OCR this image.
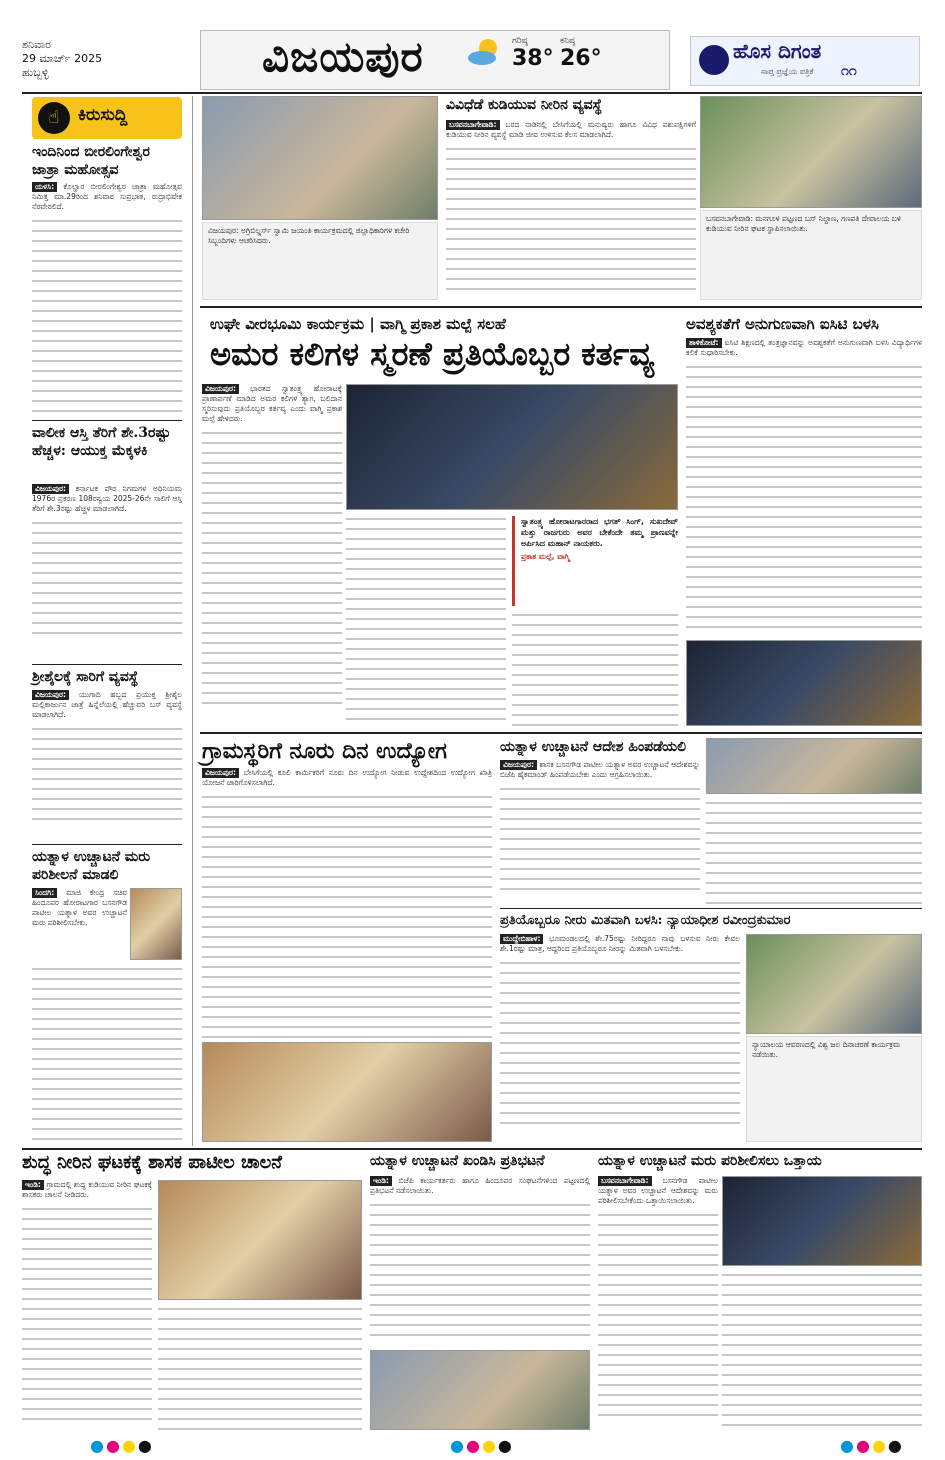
ಶನಿವಾರ
29 ಮಾರ್ಚ್ 2025
ಹುಬ್ಬಳ್ಳಿ	ವಿಜಯಪುರ	ಗರಿಷ್ಠ
38°
ಕನಿಷ್ಠ
26°	ಹೊಸ ದಿಗಂತ
೧೧
ಸಾಪ್ತ ಪ್ರಜ್ಞೆಯ ಪತ್ರಿಕೆ
☝	ಕಿರುಸುದ್ದಿ
ಇಂದಿನಿಂದ ಬೀರಲಿಂಗೇಶ್ವರ ಜಾತ್ರಾ ಮಹೋತ್ಸವ
ಯಳಸಿ: ಕೊಲ್ಹಾರ ಬೀರಲಿಂಗೇಶ್ವರ ಜಾತ್ರಾ ಮಹೋತ್ಸವ ನಿಮಿತ್ತ ಮಾ.29ರಿಂದ ಶನಿವಾರ ಸುಪ್ರಭಾತ, ರುದ್ರಾಭಿಷೇಕ ನೆರವೇರಲಿದೆ.
ವಾಲೀಕ ಆಸ್ತಿ ತೆರಿಗೆ ಶೇ.3ರಷ್ಟು ಹೆಚ್ಚಳ: ಆಯುಕ್ತ ಮೆಕ್ಕಳಕಿ
ವಿಜಯಪುರ: ಕರ್ನಾಟಕ ಪೌರ ನಿಗಮಗಳ ಅಧಿನಿಯಮ 1976ರ ಪ್ರಕರಣ 108ರನ್ವಯ 2025-26ನೇ ಸಾಲಿಗೆ ಆಸ್ತಿ ತೆರಿಗೆ ಶೇ.3ರಷ್ಟು ಹೆಚ್ಚಳ ಮಾಡಲಾಗಿದೆ.
ಶ್ರೀಶೈಲಕ್ಕೆ ಸಾರಿಗೆ ವ್ಯವಸ್ಥೆ
ವಿಜಯಪುರ: ಯುಗಾದಿ ಹಬ್ಬದ ಪ್ರಯುಕ್ತ ಶ್ರೀಶೈಲ ಮಲ್ಲಿಕಾರ್ಜುನ ಜಾತ್ರೆ ಹಿನ್ನೆಲೆಯಲ್ಲಿ ಹೆಚ್ಚುವರಿ ಬಸ್ ವ್ಯವಸ್ಥೆ ಮಾಡಲಾಗಿದೆ.
ಯತ್ನಾಳ ಉಚ್ಚಾಟನೆ ಮರು ಪರಿಶೀಲನೆ ಮಾಡಲಿ
ಸಿಂದಗಿ: ಮಾಜಿ ಕೇಂದ್ರ ಸಚಿವ ಹಿಂದೂಪರ ಹೋರಾಟಗಾರ ಬಸನಗೌಡ ಪಾಟೀಲ ಯತ್ನಾಳ ಅವರ ಉಚ್ಚಾಟನೆ ಮರು ಪರಿಶೀಲಿಸಬೇಕು.
ವಿಜಯಪುರ: ಅಗ್ರಿಬಿಲ್ಡರ್ಸ್ ಸ್ವಾಮಿ ಜಯಂತಿ ಕಾರ್ಯಕ್ರಮದಲ್ಲಿ ಜಿಲ್ಲಾಧಿಕಾರಿಗಳ ಕಚೇರಿ ಸಿಬ್ಬಂದಿಗಳು ಆಚರಿಸಿದರು.
ವಿವಿಧೆಡೆ ಕುಡಿಯುವ ನೀರಿನ ವ್ಯವಸ್ಥೆ
ಬಸವನಬಾಗೇವಾಡಿ: ಬರದ ನಾಡಿನಲ್ಲಿ ಬೇಸಿಗೆಯಲ್ಲಿ ಮನುಷ್ಯರು ಹಾಗೂ ವಿವಿಧ ಪಶುಪಕ್ಷಿಗಳಿಗೆ ಕುಡಿಯುವ ನೀರಿನ ವ್ಯವಸ್ಥೆ ಮಾಡಿ ಜೀವ ಉಳಿಸುವ ಕೆಲಸ ಮಾಡಲಾಗಿದೆ.
ಬಸವನಬಾಗೇವಾಡಿ: ಮನಗೂಳಿ ಪಟ್ಟಣದ ಬಸ್ ನಿಲ್ದಾಣ, ಗಣಪತಿ ದೇವಾಲಯ ಬಳಿ ಕುಡಿಯುವ ನೀರಿನ ಘಟಕ ಸ್ಥಾಪಿಸಲಾಯಿತು.
ಉಘೇ ವೀರಭೂಮಿ ಕಾರ್ಯಕ್ರಮ | ವಾಗ್ಮಿ ಪ್ರಕಾಶ ಮಲ್ಪೆ ಸಲಹೆ
ಅಮರ ಕಲಿಗಳ ಸ್ಮರಣೆ ಪ್ರತಿಯೊಬ್ಬರ ಕರ್ತವ್ಯ
ವಿಜಯಪುರ: ಭಾರತದ ಸ್ವಾತಂತ್ರ್ಯ ಹೋರಾಟಕ್ಕೆ ಪ್ರಾಣಾರ್ಪಣೆ ಮಾಡಿದ ಅಮರ ಕಲಿಗಳ ತ್ಯಾಗ, ಬಲಿದಾನ ಸ್ಮರಿಸುವುದು ಪ್ರತಿಯೊಬ್ಬರ ಕರ್ತವ್ಯ ಎಂದು ವಾಗ್ಮಿ ಪ್ರಕಾಶ ಮಲ್ಪೆ ಹೇಳಿದರು.
ಸ್ವಾತಂತ್ರ್ಯ ಹೋರಾಟಗಾರರಾದ ಭಗತ್ ಸಿಂಗ್, ಸುಖದೇವ್ ಮತ್ತು ರಾಜಗುರು ಅವರ ಬೇಕೆಂದೇ ತಮ್ಮ ಪ್ರಾಣವನ್ನೇ ಅರ್ಪಿಸಿದ ಮಹಾನ್ ನಾಯಕರು.
ಪ್ರಕಾಶ ಮಲ್ಪೆ, ವಾಗ್ಮಿ
ಅವಶ್ಯಕತೆಗೆ ಅನುಗುಣವಾಗಿ ಐಸಿಟಿ ಬಳಸಿ
ತಾಳಿಕೋಟೆ: ಐಸಿಟಿ ಶಿಕ್ಷಣದಲ್ಲಿ ತಂತ್ರಜ್ಞಾನವನ್ನು ಅವಶ್ಯಕತೆಗೆ ಅನುಗುಣವಾಗಿ ಬಳಸಿ ವಿದ್ಯಾರ್ಥಿಗಳ ಕಲಿಕೆ ಸುಧಾರಿಸಬೇಕು.
ಗ್ರಾಮಸ್ಥರಿಗೆ ನೂರು ದಿನ ಉದ್ಯೋಗ
ವಿಜಯಪುರ: ಬೇಸಿಗೆಯಲ್ಲಿ ಕೂಲಿ ಕಾರ್ಮಿಕರಿಗೆ ನೂರು ದಿನ ಉದ್ಯೋಗ ನೀಡುವ ಉದ್ದೇಶದಿಂದ ಉದ್ಯೋಗ ಖಾತ್ರಿ ಯೋಜನೆ ಜಾರಿಗೊಳಿಸಲಾಗಿದೆ.
ಯತ್ನಾಳ ಉಚ್ಚಾಟನೆ ಆದೇಶ ಹಿಂಪಡೆಯಲಿ
ವಿಜಯಪುರ: ಶಾಸಕ ಬಸನಗೌಡ ಪಾಟೀಲ ಯತ್ನಾಳ ಅವರ ಉಚ್ಚಾಟನೆ ಆದೇಶವನ್ನು ಬಿಜೆಪಿ ಹೈಕಮಾಂಡ್ ಹಿಂಪಡೆಯಬೇಕು ಎಂದು ಆಗ್ರಹಿಸಲಾಯಿತು.
ಪ್ರತಿಯೊಬ್ಬರೂ ನೀರು ಮಿತವಾಗಿ ಬಳಸಿ: ನ್ಯಾಯಾಧೀಶ ರವೀಂದ್ರಕುಮಾರ
ಮುದ್ದೇಬಿಹಾಳ: ಭೂಮಂಡಲದಲ್ಲಿ ಶೇ.75ರಷ್ಟು ನೀರಿದ್ದರೂ ನಾವು ಬಳಸುವ ನೀರು ಕೇವಲ ಶೇ.1ರಷ್ಟು ಮಾತ್ರ, ಆದ್ದರಿಂದ ಪ್ರತಿಯೊಬ್ಬರೂ ನೀರನ್ನು ಮಿತವಾಗಿ ಬಳಸಬೇಕು.
ನ್ಯಾಯಾಲಯ ಆವರಣದಲ್ಲಿ ವಿಶ್ವ ಜಲ ದಿನಾಚರಣೆ ಕಾರ್ಯಕ್ರಮ ನಡೆಯಿತು.
ಶುದ್ಧ ನೀರಿನ ಘಟಕಕ್ಕೆ ಶಾಸಕ ಪಾಟೀಲ ಚಾಲನೆ
ಇಂಡಿ: ಗ್ರಾಮದಲ್ಲಿ ಶುದ್ಧ ಕುಡಿಯುವ ನೀರಿನ ಘಟಕಕ್ಕೆ ಶಾಸಕರು ಚಾಲನೆ ನೀಡಿದರು.
ಯತ್ನಾಳ ಉಚ್ಚಾಟನೆ ಖಂಡಿಸಿ ಪ್ರತಿಭಟನೆ
ಇಂಡಿ: ಬಿಜೆಪಿ ಕಾರ್ಯಕರ್ತರು ಹಾಗೂ ಹಿಂದೂಪರ ಸಂಘಟನೆಗಳಿಂದ ಪಟ್ಟಣದಲ್ಲಿ ಪ್ರತಿಭಟನೆ ನಡೆಸಲಾಯಿತು.
ಯತ್ನಾಳ ಉಚ್ಚಾಟನೆ ಮರು ಪರಿಶೀಲಿಸಲು ಒತ್ತಾಯ
ಬಸವನಬಾಗೇವಾಡಿ: ಬಸನಗೌಡ ಪಾಟೀಲ ಯತ್ನಾಳ ಅವರ ಉಚ್ಚಾಟನೆ ಆದೇಶವನ್ನು ಮರು ಪರಿಶೀಲಿಸಬೇಕೆಂದು ಒತ್ತಾಯಿಸಲಾಯಿತು.
●●●●	●●●●	●●●●
